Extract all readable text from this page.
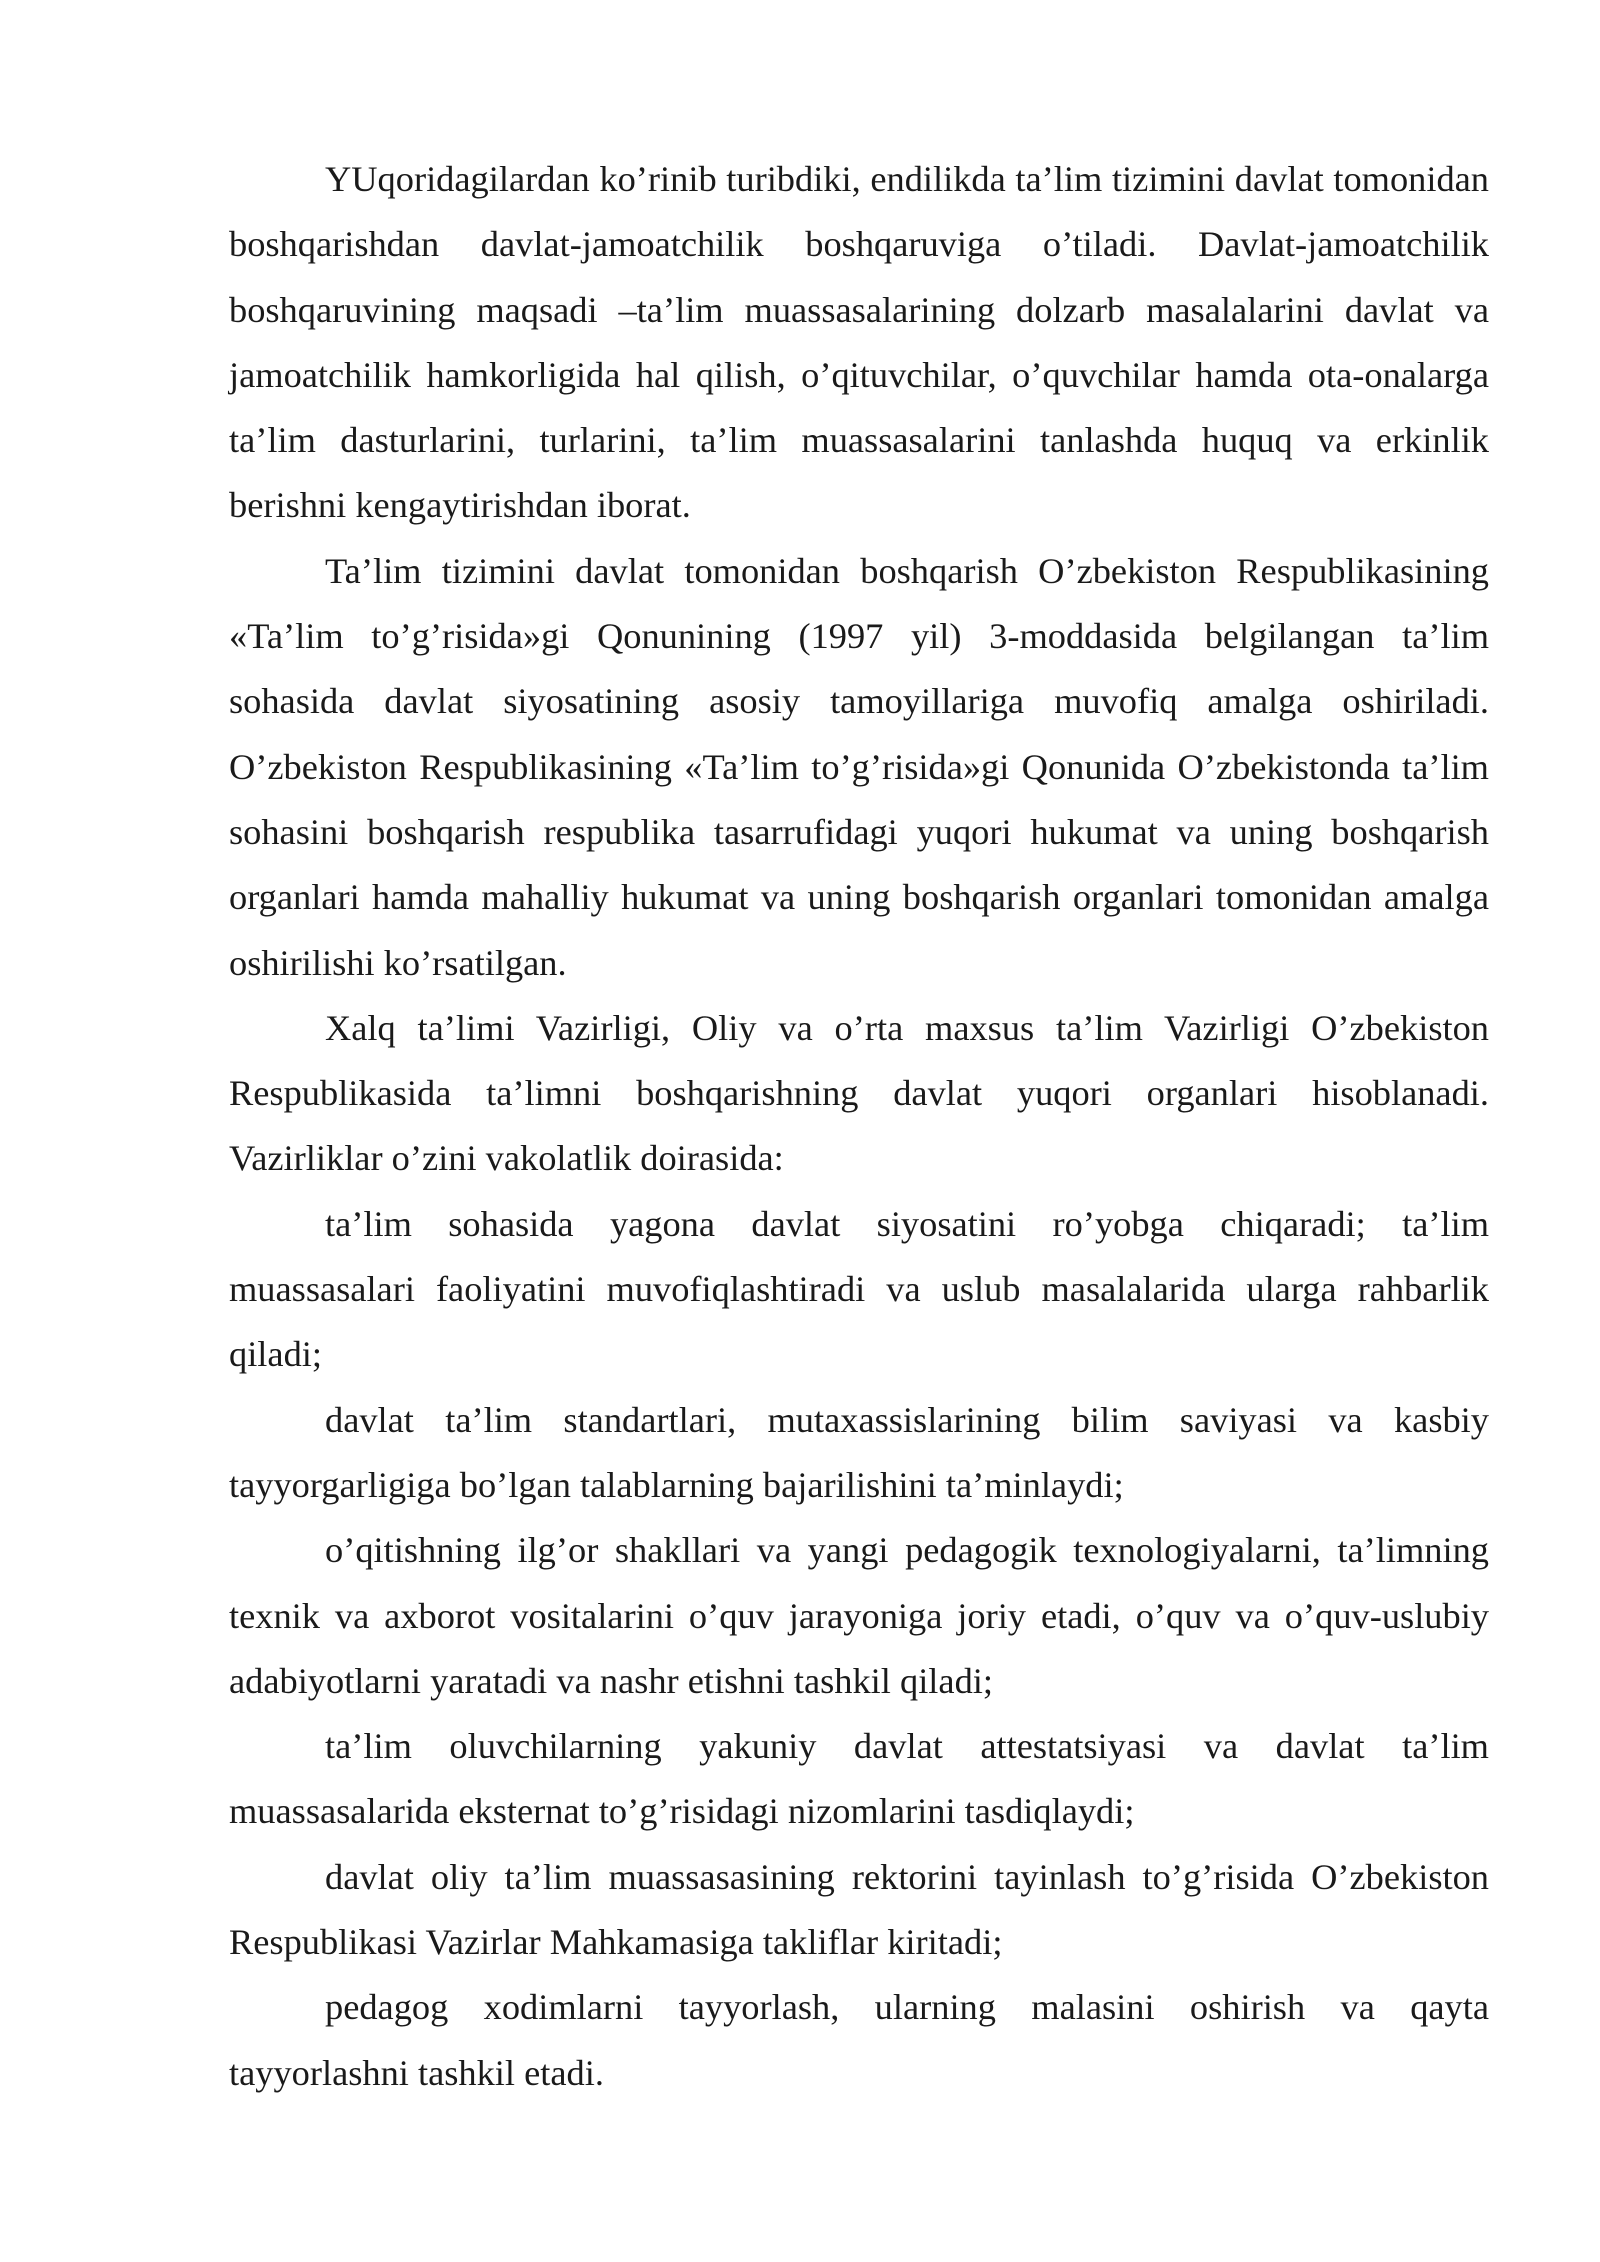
YUqoridagilardan ko’rinib turibdiki, endilikda ta’lim tizimini davlat tomonidan boshqarishdan davlat-jamoatchilik boshqaruviga o’tiladi. Davlat-jamoatchilik boshqaruvining maqsadi –ta’lim muassasalarining dolzarb masalalarini davlat va jamoatchilik hamkorligida hal qilish, o’qituvchilar, o’quvchilar hamda ota-onalarga ta’lim dasturlarini, turlarini, ta’lim muassasalarini tanlashda huquq va erkinlik berishni kengaytirishdan iborat.

Ta’lim tizimini davlat tomonidan boshqarish O’zbekiston Respublikasining «Ta’lim to’g’risida»gi Qonunining (1997 yil) 3-moddasida belgilangan ta’lim sohasida davlat siyosatining asosiy tamoyillariga muvofiq amalga oshiriladi. O’zbekiston Respublikasining «Ta’lim to’g’risida»gi Qonunida O’zbekistonda ta’lim sohasini boshqarish respublika tasarrufidagi yuqori hukumat va uning boshqarish organlari hamda mahalliy hukumat va uning boshqarish organlari tomonidan amalga oshirilishi ko’rsatilgan.

Xalq ta’limi Vazirligi, Oliy va o’rta maxsus ta’lim Vazirligi O’zbekiston Respublikasida ta’limni boshqarishning davlat yuqori organlari hisoblanadi. Vazirliklar o’zini vakolatlik doirasida:

ta’lim sohasida yagona davlat siyosatini ro’yobga chiqaradi; ta’lim muassasalari faoliyatini muvofiqlashtiradi va uslub masalalarida ularga rahbarlik qiladi;

davlat ta’lim standartlari, mutaxassislarining bilim saviyasi va kasbiy tayyorgarligiga bo’lgan talablarning bajarilishini ta’minlaydi;

o’qitishning ilg’or shakllari va yangi pedagogik texnologiyalarni, ta’limning texnik va axborot vositalarini o’quv jarayoniga joriy etadi, o’quv va o’quv-uslubiy adabiyotlarni yaratadi va nashr etishni tashkil qiladi;

ta’lim oluvchilarning yakuniy davlat attestatsiyasi va davlat ta’lim muassasalarida eksternat to’g’risidagi nizomlarini tasdiqlaydi;

davlat oliy ta’lim muassasasining rektorini tayinlash to’g’risida O’zbekiston Respublikasi Vazirlar Mahkamasiga takliflar kiritadi;

pedagog xodimlarni tayyorlash, ularning malasini oshirish va qayta tayyorlashni tashkil etadi.
